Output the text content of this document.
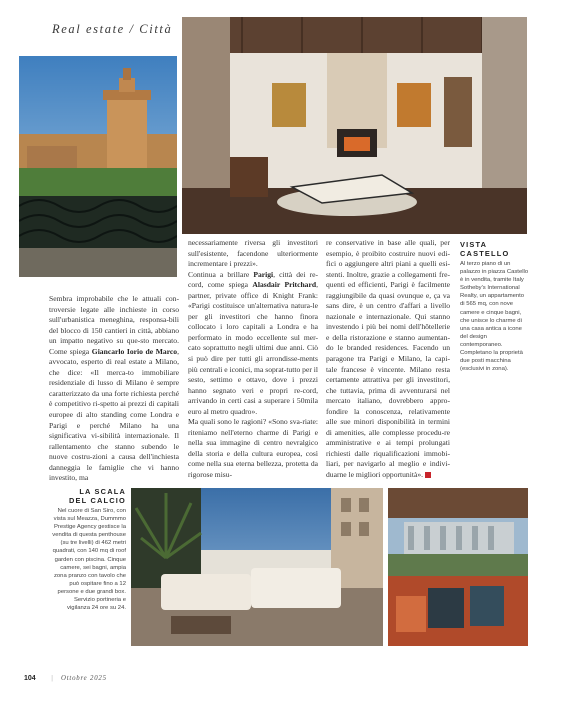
Real estate / Città

Sembra improbabile che le attuali con-troversie legate alle inchieste in corso sull'urbanistica meneghina, responsa-bili del blocco di 150 cantieri in città, abbiano un impatto negativo su que-sto mercato. Come spiega Giancarlo Iorio de Marco, avvocato, esperto di real estate a Milano, che dice: «Il merca-to immobiliare residenziale di lusso di Milano è sempre caratterizzato da una forte richiesta perché è competitivo ri-spetto ai prezzi di capitali europee di alto standing come Londra e Parigi e perché Milano ha una significativa vi-sibilità internazionale. Il rallentamento che stanno subendo le nuove costru-zioni a causa dell'inchiesta danneggia le famiglie che vi hanno investito, ma

necessariamente riversa gli investitori sull'esistente, facendone ulteriormente incrementare i prezzi».

Continua a brillare Parigi, città dei re-cord, come spiega Alasdair Pritchard, partner, private office di Knight Frank: «Parigi costituisce un'alternativa natura-le per gli investitori che hanno finora collocato i loro capitali a Londra e ha performato in modo eccellente sul mer-cato soprattutto negli ultimi due anni. Ciò si può dire per tutti gli arrondisse-ments più centrali e iconici, ma soprat-tutto per il sesto, settimo e ottavo, dove i prezzi hanno segnato veri e propri re-cord, arrivando in certi casi a superare i 50mila euro al metro quadro».

Ma quali sono le ragioni? «Sono sva-riate: riteniamo nell'eterno charme di Parigi e nella sua immagine di centro nevralgico della storia e della cultura europea, così come nella sua eterna bellezza, protetta da rigorose misu-

re conservative in base alle quali, per esempio, è proibito costruire nuovi edi-fici o aggiungere altri piani a quelli esi-stenti. Inoltre, grazie a collegamenti fre-quenti ed efficienti, Parigi è facilmente raggiungibile da quasi ovunque e, ça va sans dire, è un centro d'affari a livello nazionale e internazionale. Qui stanno investendo i più bei nomi dell'hôtellerie e della ristorazione e stanno aumentan-do le branded residences. Facendo un paragone tra Parigi e Milano, la capi-tale francese è vincente. Milano resta certamente attrattiva per gli investitori, che tuttavia, prima di avventurarsi nel mercato italiano, dovrebbero appro-fondire la conoscenza, relativamente alle sue minori disponibilità in termini di amenities, alle complesse procedu-re amministrative e ai tempi prolungati richiesti dalle riqualificazioni immobi-liari, per navigarlo al meglio e indivi-duarne le migliori opportunità».

VISTA
CASTELLO
Al terzo piano di un palazzo in piazza Castello è in vendita, tramite Italy Sotheby's International Realty, un appartamento di 565 mq, con nove camere e cinque bagni, che unisce lo charme di una casa antica a icone del design contemporaneo. Completano la proprietà due posti macchina (esclusivi in zona).
LA SCALA
DEL CALCIO
Nel cuore di San Siro, con vista sul Meazza, Dummmo Prestige Agency gestisce la vendita di questa penthouse (su tre livelli) di 462 metri quadrati, con 140 mq di roof garden con piscina. Cinque camere, sei bagni, ampia zona pranzo con tavolo che può ospitare fino a 12 persone e due grandi box. Servizio portineria e vigilanza 24 ore su 24.
104 | Ottobre 2025
